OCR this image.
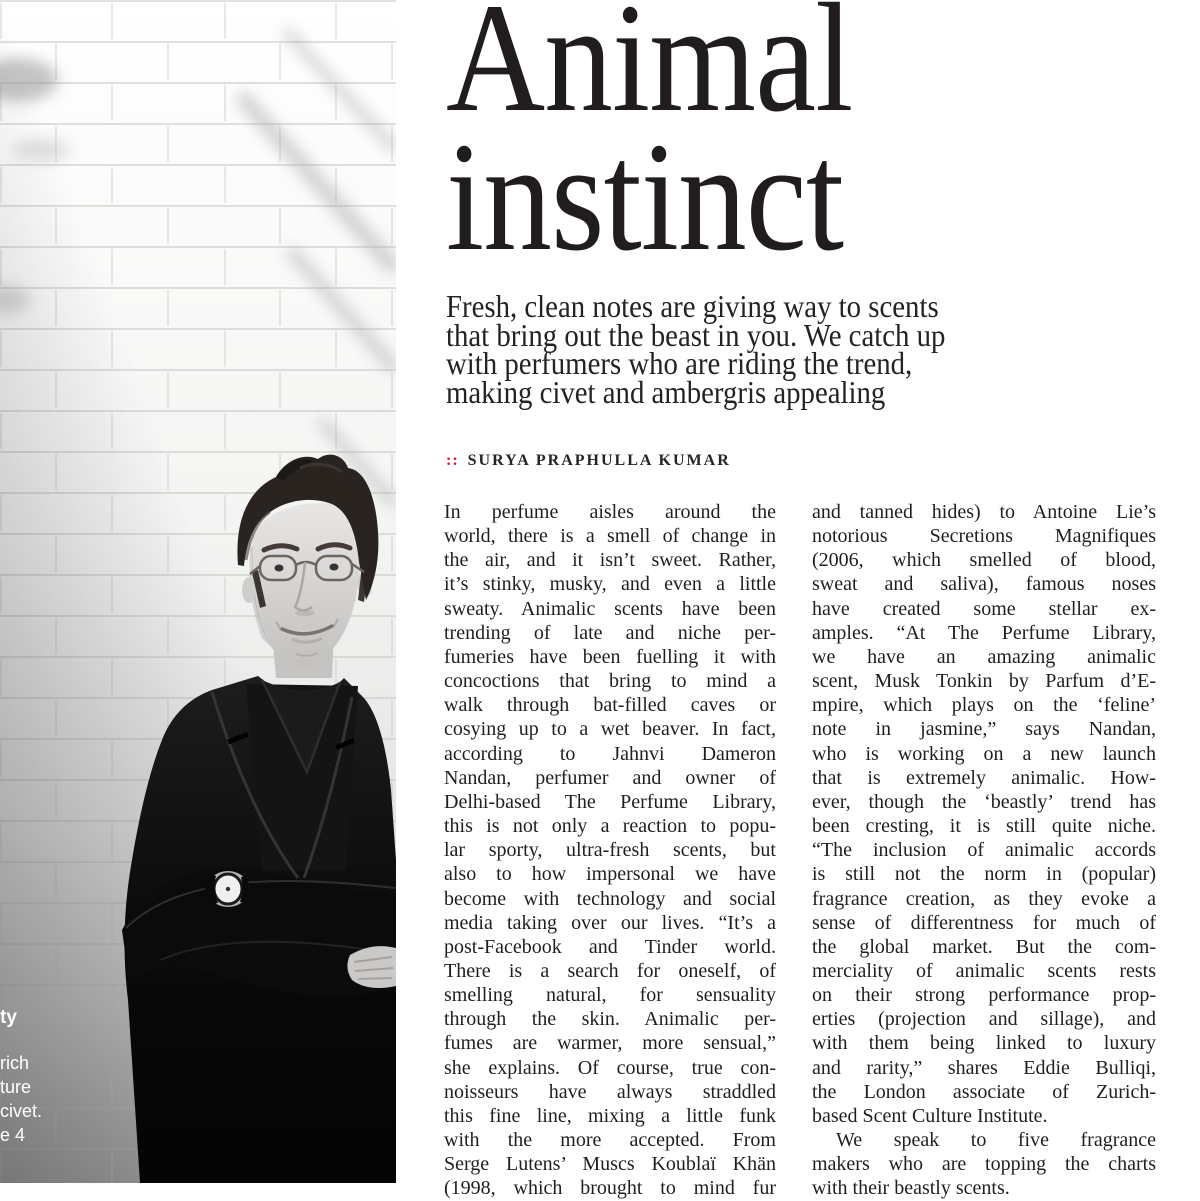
ty
rich
ture
civet.
e 4
Animal
instinct
Fresh, clean notes are giving way to scents
that bring out the beast in you. We catch up
with perfumers who are riding the trend,
making civet and ambergris appealing
:: SURYA PRAPHULLA KUMAR
In perfume aisles around the
world, there is a smell of change in
the air, and it isn’t sweet. Rather,
it’s stinky, musky, and even a little
sweaty. Animalic scents have been
trending of late and niche per-
fumeries have been fuelling it with
concoctions that bring to mind a
walk through bat-filled caves or
cosying up to a wet beaver. In fact,
according to Jahnvi Dameron
Nandan, perfumer and owner of
Delhi-based The Perfume Library,
this is not only a reaction to popu-
lar sporty, ultra-fresh scents, but
also to how impersonal we have
become with technology and social
media taking over our lives. “It’s a
post-Facebook and Tinder world.
There is a search for oneself, of
smelling natural, for sensuality
through the skin. Animalic per-
fumes are warmer, more sensual,”
she explains. Of course, true con-
noisseurs have always straddled
this fine line, mixing a little funk
with the more accepted. From
Serge Lutens’ Muscs Koublaï Khän
(1998, which brought to mind fur
and tanned hides) to Antoine Lie’s
notorious Secretions Magnifiques
(2006, which smelled of blood,
sweat and saliva), famous noses
have created some stellar ex-
amples. “At The Perfume Library,
we have an amazing animalic
scent, Musk Tonkin by Parfum d’E-
mpire, which plays on the ‘feline’
note in jasmine,” says Nandan,
who is working on a new launch
that is extremely animalic. How-
ever, though the ‘beastly’ trend has
been cresting, it is still quite niche.
“The inclusion of animalic accords
is still not the norm in (popular)
fragrance creation, as they evoke a
sense of differentness for much of
the global market. But the com-
merciality of animalic scents rests
on their strong performance prop-
erties (projection and sillage), and
with them being linked to luxury
and rarity,” shares Eddie Bulliqi,
the London associate of Zurich-
based Scent Culture Institute.
We speak to five fragrance
makers who are topping the charts
with their beastly scents.
